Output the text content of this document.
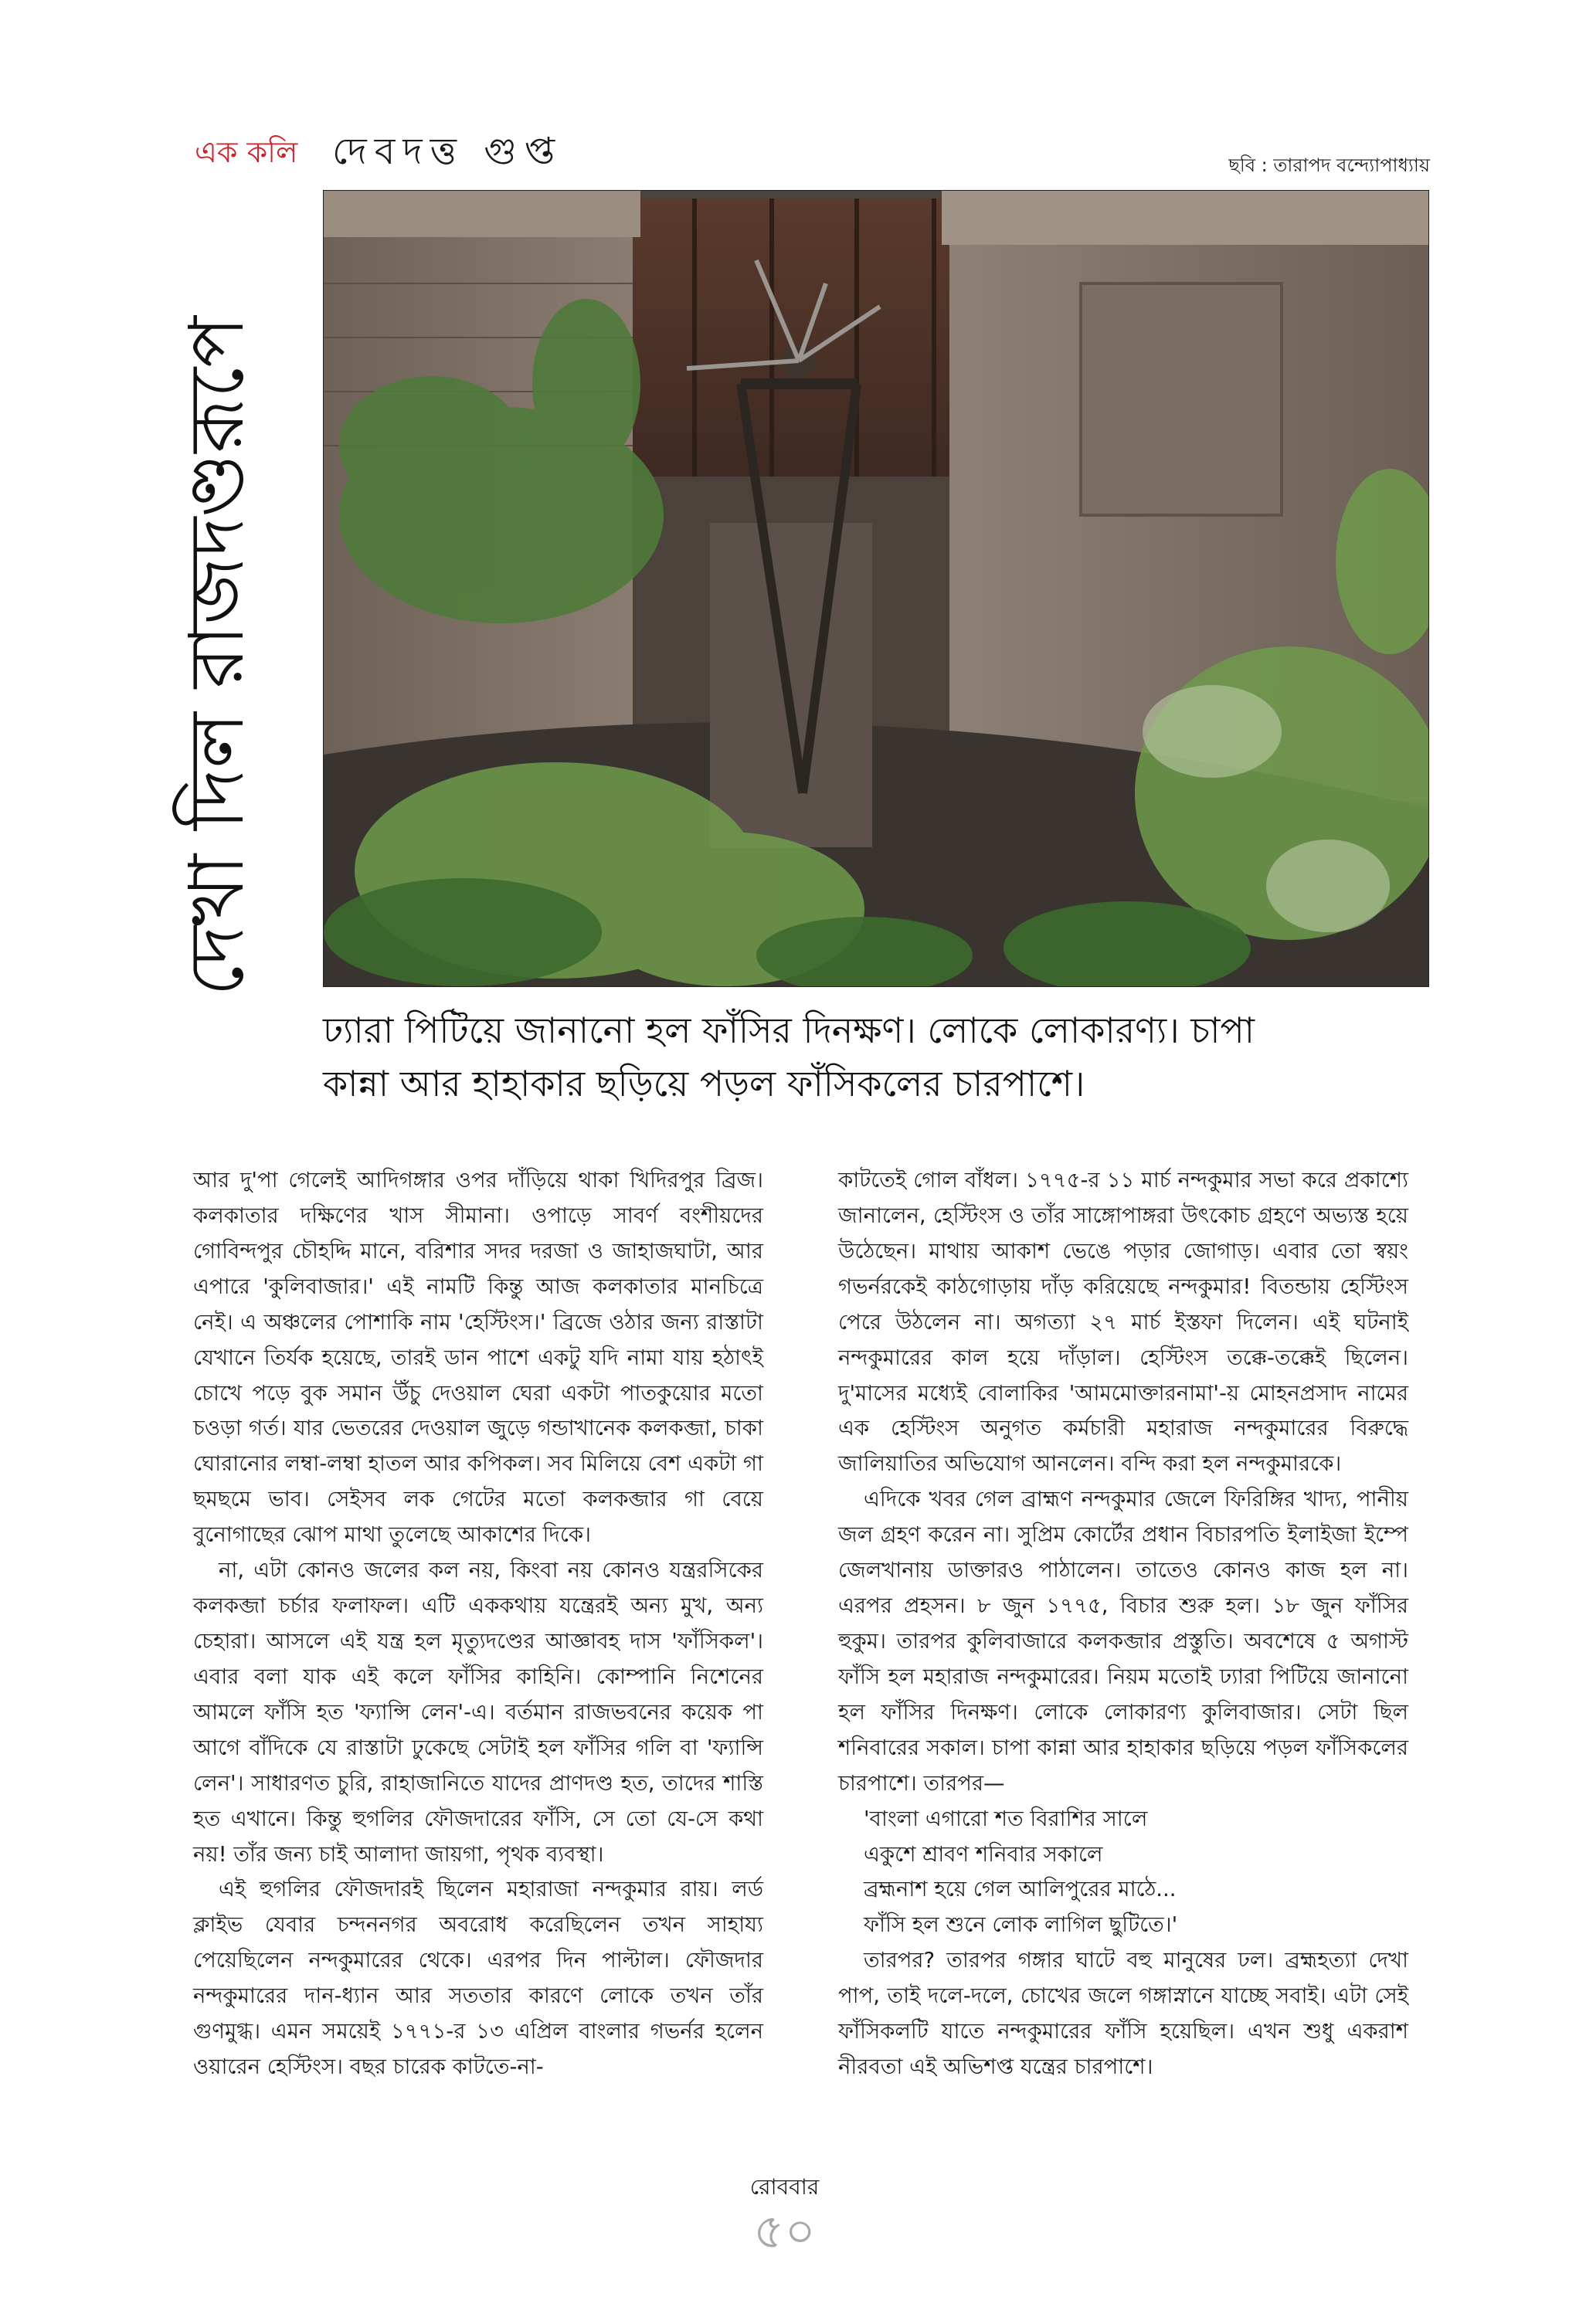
এক কলি দেবদত্ত গুপ্ত	ছবি : তারাপদ বন্দ্যোপাধ্যায়
দেখা দিল রাজদণ্ডরূপে

ঢ্যারা পিটিয়ে জানানো হল ফাঁসির দিনক্ষণ। লোকে লোকারণ্য। চাপা

কান্না আর হাহাকার ছড়িয়ে পড়ল ফাঁসিকলের চারপাশে।

আর দু'পা গেলেই আদিগঙ্গার ওপর দাঁড়িয়ে থাকা খিদিরপুর ব্রিজ। কলকাতার দক্ষিণের খাস সীমানা। ওপাড়ে সাবর্ণ বংশীয়দের গোবিন্দপুর চৌহদ্দি মানে, বরিশার সদর দরজা ও জাহাজঘাটা, আর এপারে 'কুলিবাজার।' এই নামটি কিন্তু আজ কলকাতার মানচিত্রে নেই। এ অঞ্চলের পোশাকি নাম 'হেস্টিংস।' ব্রিজে ওঠার জন্য রাস্তাটা যেখানে তির্যক হয়েছে, তারই ডান পাশে একটু যদি নামা যায় হঠাৎই চোখে পড়ে বুক সমান উঁচু দেওয়াল ঘেরা একটা পাতকুয়োর মতো চওড়া গর্ত। যার ভেতরের দেওয়াল জুড়ে গন্ডাখানেক কলকব্জা, চাকা ঘোরানোর লম্বা-লম্বা হাতল আর কপিকল। সব মিলিয়ে বেশ একটা গা ছমছমে ভাব। সেইসব লক গেটের মতো কলকব্জার গা বেয়ে বুনোগাছের ঝোপ মাথা তুলেছে আকাশের দিকে।

না, এটা কোনও জলের কল নয়, কিংবা নয় কোনও যন্ত্ররসিকের কলকব্জা চর্চার ফলাফল। এটি এককথায় যন্ত্রেরই অন্য মুখ, অন্য চেহারা। আসলে এই যন্ত্র হল মৃত্যুদণ্ডের আজ্ঞাবহ দাস 'ফাঁসিকল'। এবার বলা যাক এই কলে ফাঁসির কাহিনি। কোম্পানি নিশেনের আমলে ফাঁসি হত 'ফ্যান্সি লেন'-এ। বর্তমান রাজভবনের কয়েক পা আগে বাঁদিকে যে রাস্তাটা ঢুকেছে সেটাই হল ফাঁসির গলি বা 'ফ্যান্সি লেন'। সাধারণত চুরি, রাহাজানিতে যাদের প্রাণদণ্ড হত, তাদের শাস্তি হত এখানে। কিন্তু হুগলির ফৌজদারের ফাঁসি, সে তো যে-সে কথা নয়! তাঁর জন্য চাই আলাদা জায়গা, পৃথক ব্যবস্থা।

এই হুগলির ফৌজদারই ছিলেন মহারাজা নন্দকুমার রায়। লর্ড ক্লাইভ যেবার চন্দননগর অবরোধ করেছিলেন তখন সাহায্য পেয়েছিলেন নন্দকুমারের থেকে। এরপর দিন পাল্টাল। ফৌজদার নন্দকুমারের দান-ধ্যান আর সততার কারণে লোকে তখন তাঁর গুণমুগ্ধ। এমন সময়েই ১৭৭১-র ১৩ এপ্রিল বাংলার গভর্নর হলেন ওয়ারেন হেস্টিংস। বছর চারেক কাটতে-না-

কাটতেই গোল বাঁধল। ১৭৭৫-র ১১ মার্চ নন্দকুমার সভা করে প্রকাশ্যে জানালেন, হেস্টিংস ও তাঁর সাঙ্গোপাঙ্গরা উৎকোচ গ্রহণে অভ্যস্ত হয়ে উঠেছেন। মাথায় আকাশ ভেঙে পড়ার জোগাড়। এবার তো স্বয়ং গভর্নরকেই কাঠগোড়ায় দাঁড় করিয়েছে নন্দকুমার! বিতন্ডায় হেস্টিংস পেরে উঠলেন না। অগত্যা ২৭ মার্চ ইস্তফা দিলেন। এই ঘটনাই নন্দকুমারের কাল হয়ে দাঁড়াল। হেস্টিংস তক্কে-তক্কেই ছিলেন। দু'মাসের মধ্যেই বোলাকির 'আমমোক্তারনামা'-য় মোহনপ্রসাদ নামের এক হেস্টিংস অনুগত কর্মচারী মহারাজ নন্দকুমারের বিরুদ্ধে জালিয়াতির অভিযোগ আনলেন। বন্দি করা হল নন্দকুমারকে।

এদিকে খবর গেল ব্রাহ্মণ নন্দকুমার জেলে ফিরিঙ্গির খাদ্য, পানীয় জল গ্রহণ করেন না। সুপ্রিম কোর্টের প্রধান বিচারপতি ইলাইজা ইম্পে জেলখানায় ডাক্তারও পাঠালেন। তাতেও কোনও কাজ হল না। এরপর প্রহসন। ৮ জুন ১৭৭৫, বিচার শুরু হল। ১৮ জুন ফাঁসির হুকুম। তারপর কুলিবাজারে কলকব্জার প্রস্তুতি। অবশেষে ৫ অগাস্ট ফাঁসি হল মহারাজ নন্দকুমারের। নিয়ম মতোই ঢ্যারা পিটিয়ে জানানো হল ফাঁসির দিনক্ষণ। লোকে লোকারণ্য কুলিবাজার। সেটা ছিল শনিবারের সকাল। চাপা কান্না আর হাহাকার ছড়িয়ে পড়ল ফাঁসিকলের চারপাশে। তারপর—

'বাংলা এগারো শত বিরাশির সালে

একুশে শ্রাবণ শনিবার সকালে

ব্রহ্মনাশ হয়ে গেল আলিপুরের মাঠে...

ফাঁসি হল শুনে লোক লাগিল ছুটিতে।'

তারপর? তারপর গঙ্গার ঘাটে বহু মানুষের ঢল। ব্রহ্মহত্যা দেখা পাপ, তাই দলে-দলে, চোখের জলে গঙ্গাস্নানে যাচ্ছে সবাই। এটা সেই ফাঁসিকলটি যাতে নন্দকুমারের ফাঁসি হয়েছিল। এখন শুধু একরাশ নীরবতা এই অভিশপ্ত যন্ত্রের চারপাশে।

রোববার
৫০
